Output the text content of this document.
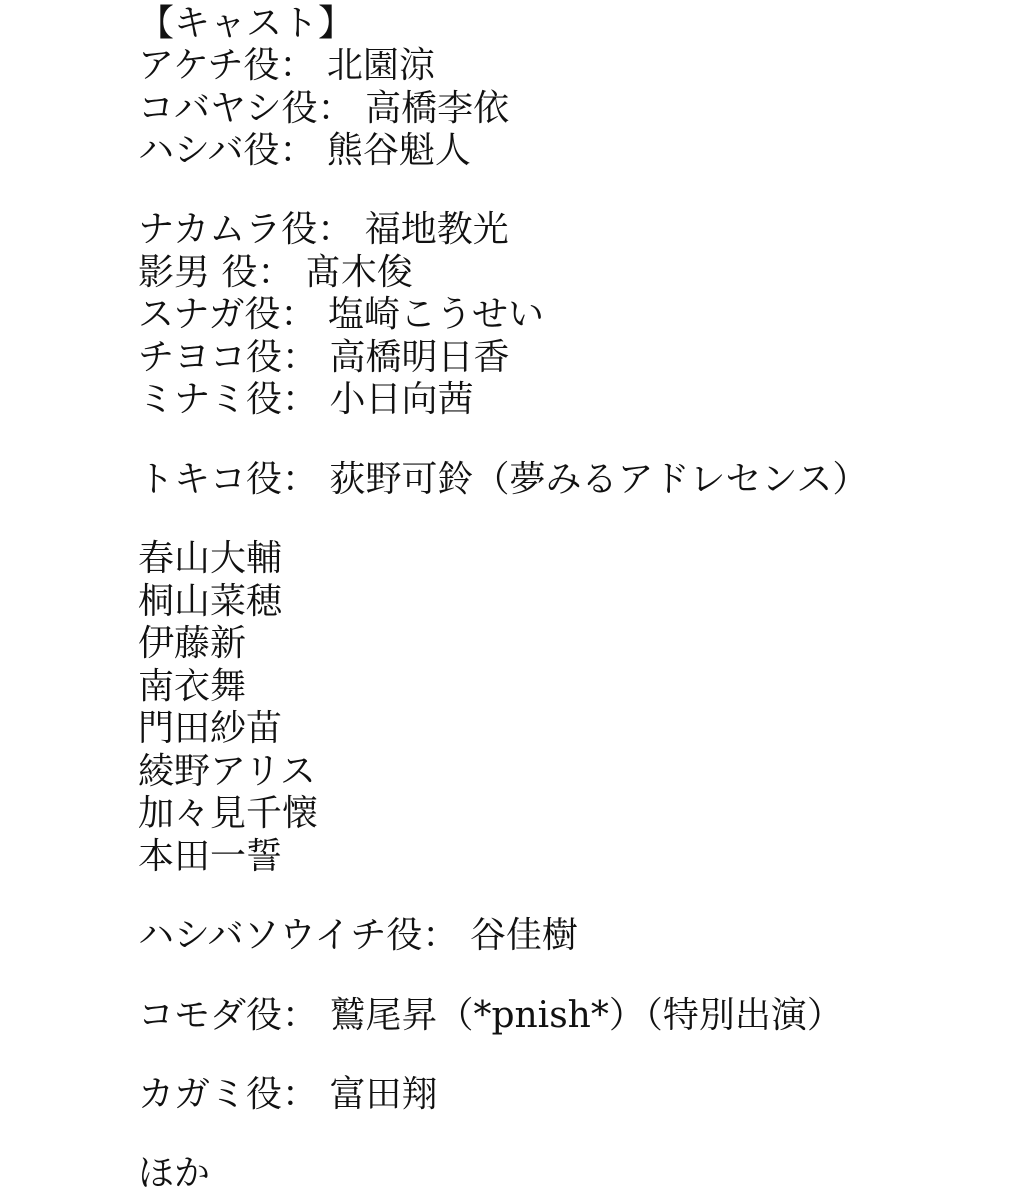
【キャスト】
アケチ役： 北園涼
コバヤシ役： 高橋李依
ハシバ役： 熊谷魁人
ナカムラ役： 福地教光
影男 役： 髙木俊
スナガ役： 塩崎こうせい
チヨコ役： 高橋明日香
ミナミ役： 小日向茜
トキコ役： 荻野可鈴（夢みるアドレセンス）
春山大輔
桐山菜穂
伊藤新
南衣舞
門田紗苗
綾野アリス
加々見千懐
本田一誓
ハシバソウイチ役： 谷佳樹
コモダ役： 鷲尾昇（*pnish*）（特別出演）
カガミ役： 富田翔
ほか
